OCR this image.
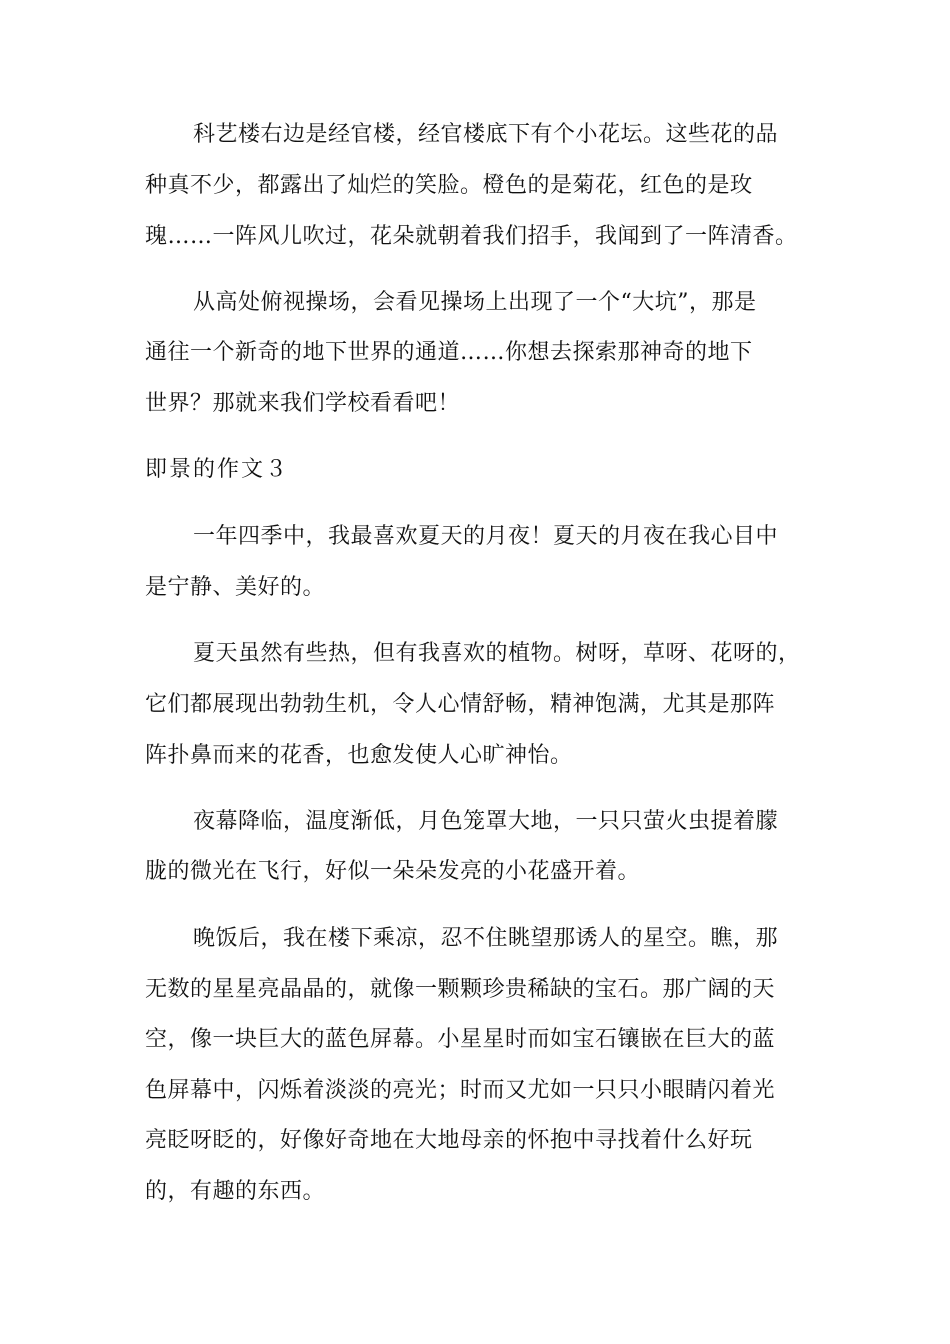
科艺楼右边是经官楼，经官楼底下有个小花坛。这些花的品
种真不少，都露出了灿烂的笑脸。橙色的是菊花，红色的是玫
瑰……一阵风儿吹过，花朵就朝着我们招手，我闻到了一阵清香。
从高处俯视操场，会看见操场上出现了一个“大坑”，那是
通往一个新奇的地下世界的通道……你想去探索那神奇的地下
世界？那就来我们学校看看吧！
即景的作文３
一年四季中，我最喜欢夏天的月夜！夏天的月夜在我心目中
是宁静、美好的。
夏天虽然有些热，但有我喜欢的植物。树呀，草呀、花呀的，
它们都展现出勃勃生机，令人心情舒畅，精神饱满，尤其是那阵
阵扑鼻而来的花香，也愈发使人心旷神怡。
夜幕降临，温度渐低，月色笼罩大地，一只只萤火虫提着朦
胧的微光在飞行，好似一朵朵发亮的小花盛开着。
晚饭后，我在楼下乘凉，忍不住眺望那诱人的星空。瞧，那
无数的星星亮晶晶的，就像一颗颗珍贵稀缺的宝石。那广阔的天
空，像一块巨大的蓝色屏幕。小星星时而如宝石镶嵌在巨大的蓝
色屏幕中，闪烁着淡淡的亮光；时而又尤如一只只小眼睛闪着光
亮眨呀眨的，好像好奇地在大地母亲的怀抱中寻找着什么好玩
的，有趣的东西。
